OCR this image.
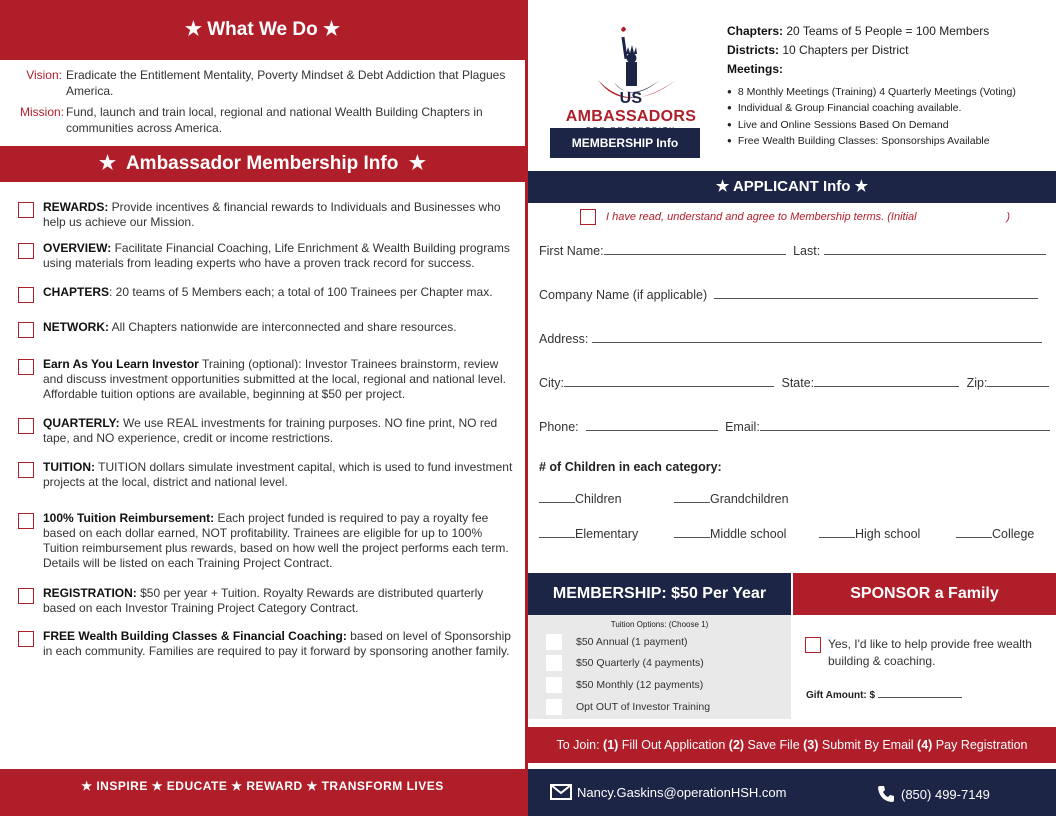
★ What We Do ★
Vision: Eradicate the Entitlement Mentality, Poverty Mindset & Debt Addiction that Plagues America.
Mission: Fund, launch and train local, regional and national Wealth Building Chapters in communities across America.
★ Ambassador Membership Info ★
REWARDS: Provide incentives & financial rewards to Individuals and Businesses who help us achieve our Mission.
OVERVIEW: Facilitate Financial Coaching, Life Enrichment & Wealth Building programs using materials from leading experts who have a proven track record for success.
CHAPTERS: 20 teams of 5 Members each; a total of 100 Trainees per Chapter max.
NETWORK: All Chapters nationwide are interconnected and share resources.
Earn As You Learn Investor Training (optional): Investor Trainees brainstorm, review and discuss investment opportunities submitted at the local, regional and national level. Affordable tuition options are available, beginning at $50 per project.
QUARTERLY: We use REAL investments for training purposes. NO fine print, NO red tape, and NO experience, credit or income restrictions.
TUITION: TUITION dollars simulate investment capital, which is used to fund investment projects at the local, district and national level.
100% Tuition Reimbursement: Each project funded is required to pay a royalty fee based on each dollar earned, NOT profitability. Trainees are eligible for up to 100% Tuition reimbursement plus rewards, based on how well the project performs each term. Details will be listed on each Training Project Contract.
REGISTRATION: $50 per year + Tuition. Royalty Rewards are distributed quarterly based on each Investor Training Project Category Contract.
FREE Wealth Building Classes & Financial Coaching: based on level of Sponsorship in each community. Families are required to pay it forward by sponsoring another family.
★ INSPIRE ★ EDUCATE ★ REWARD ★ TRANSFORM LIVES
US AMBASSADORS
MEMBERSHIP Info
Chapters: 20 Teams of 5 People = 100 Members
Districts: 10 Chapters per District
Meetings:
● 8 Monthly Meetings (Training) 4 Quarterly Meetings (Voting)
● Individual & Group Financial coaching available.
● Live and Online Sessions Based On Demand
● Free Wealth Building Classes: Sponsorships Available
★ APPLICANT Info ★
I have read, understand and agree to Membership terms. (Initial	)
First Name:	Last:
Company Name (if applicable)
Address:
City:	State:	Zip:
Phone:	Email:
# of Children in each category:
Children	Grandchildren
Elementary	Middle school	High school	College
MEMBERSHIP: $50 Per Year
Tuition Options: (Choose 1)
$50 Annual (1 payment)
$50 Quarterly (4 payments)
$50 Monthly (12 payments)
Opt OUT of Investor Training
SPONSOR a Family
Yes, I'd like to help provide free wealth building & coaching.
Gift Amount: $
To Join: (1) Fill Out Application (2) Save File (3) Submit By Email (4) Pay Registration
Nancy.Gaskins@operationHSH.com	(850) 499-7149
